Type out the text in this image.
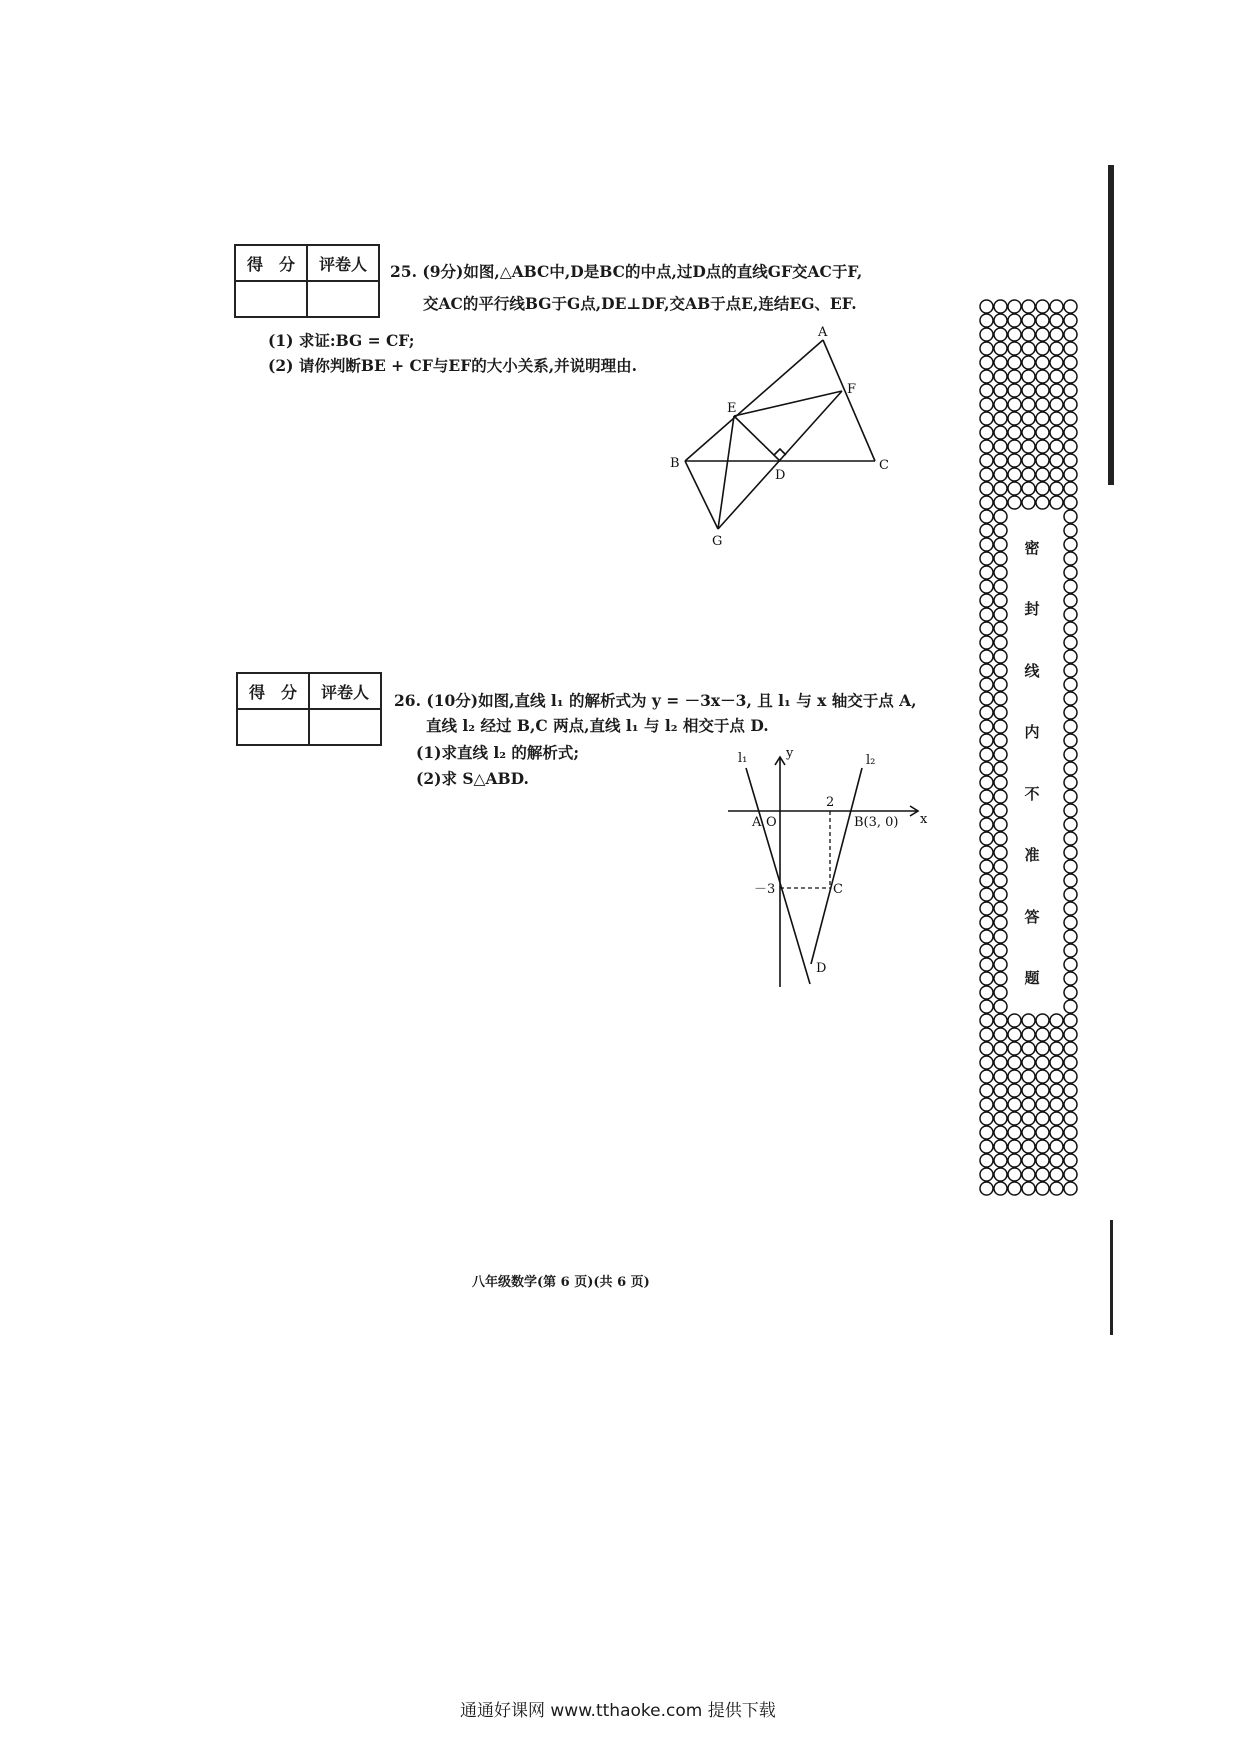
得　分	评卷人
	25. (9分)如图,△ABC中,D是BC的中点,过D点的直线GF交AC于F,
交AC的平行线BG于G点,DE⊥DF,交AB于点E,连结EG、EF.
(1) 求证:BG = CF;
(2) 请你判断BE + CF与EF的大小关系,并说明理由.
A
B	C
D
E
F
G
得　分	评卷人
	26. (10分)如图,直线 l₁ 的解析式为 y = －3x－3, 且 l₁ 与 x 轴交于点 A,
直线 l₂ 经过 B,C 两点,直线 l₁ 与 l₂ 相交于点 D.
(1)求直线 l₂ 的解析式;
(2)求 S△ABD.
l₁	l₂
y
x
A O	B(3, 0)
2
－3	C
D
密
封
线
内
不
准
答
题
八年级数学(第 6 页)(共 6 页)
通通好课网 www.tthaoke.com 提供下载
